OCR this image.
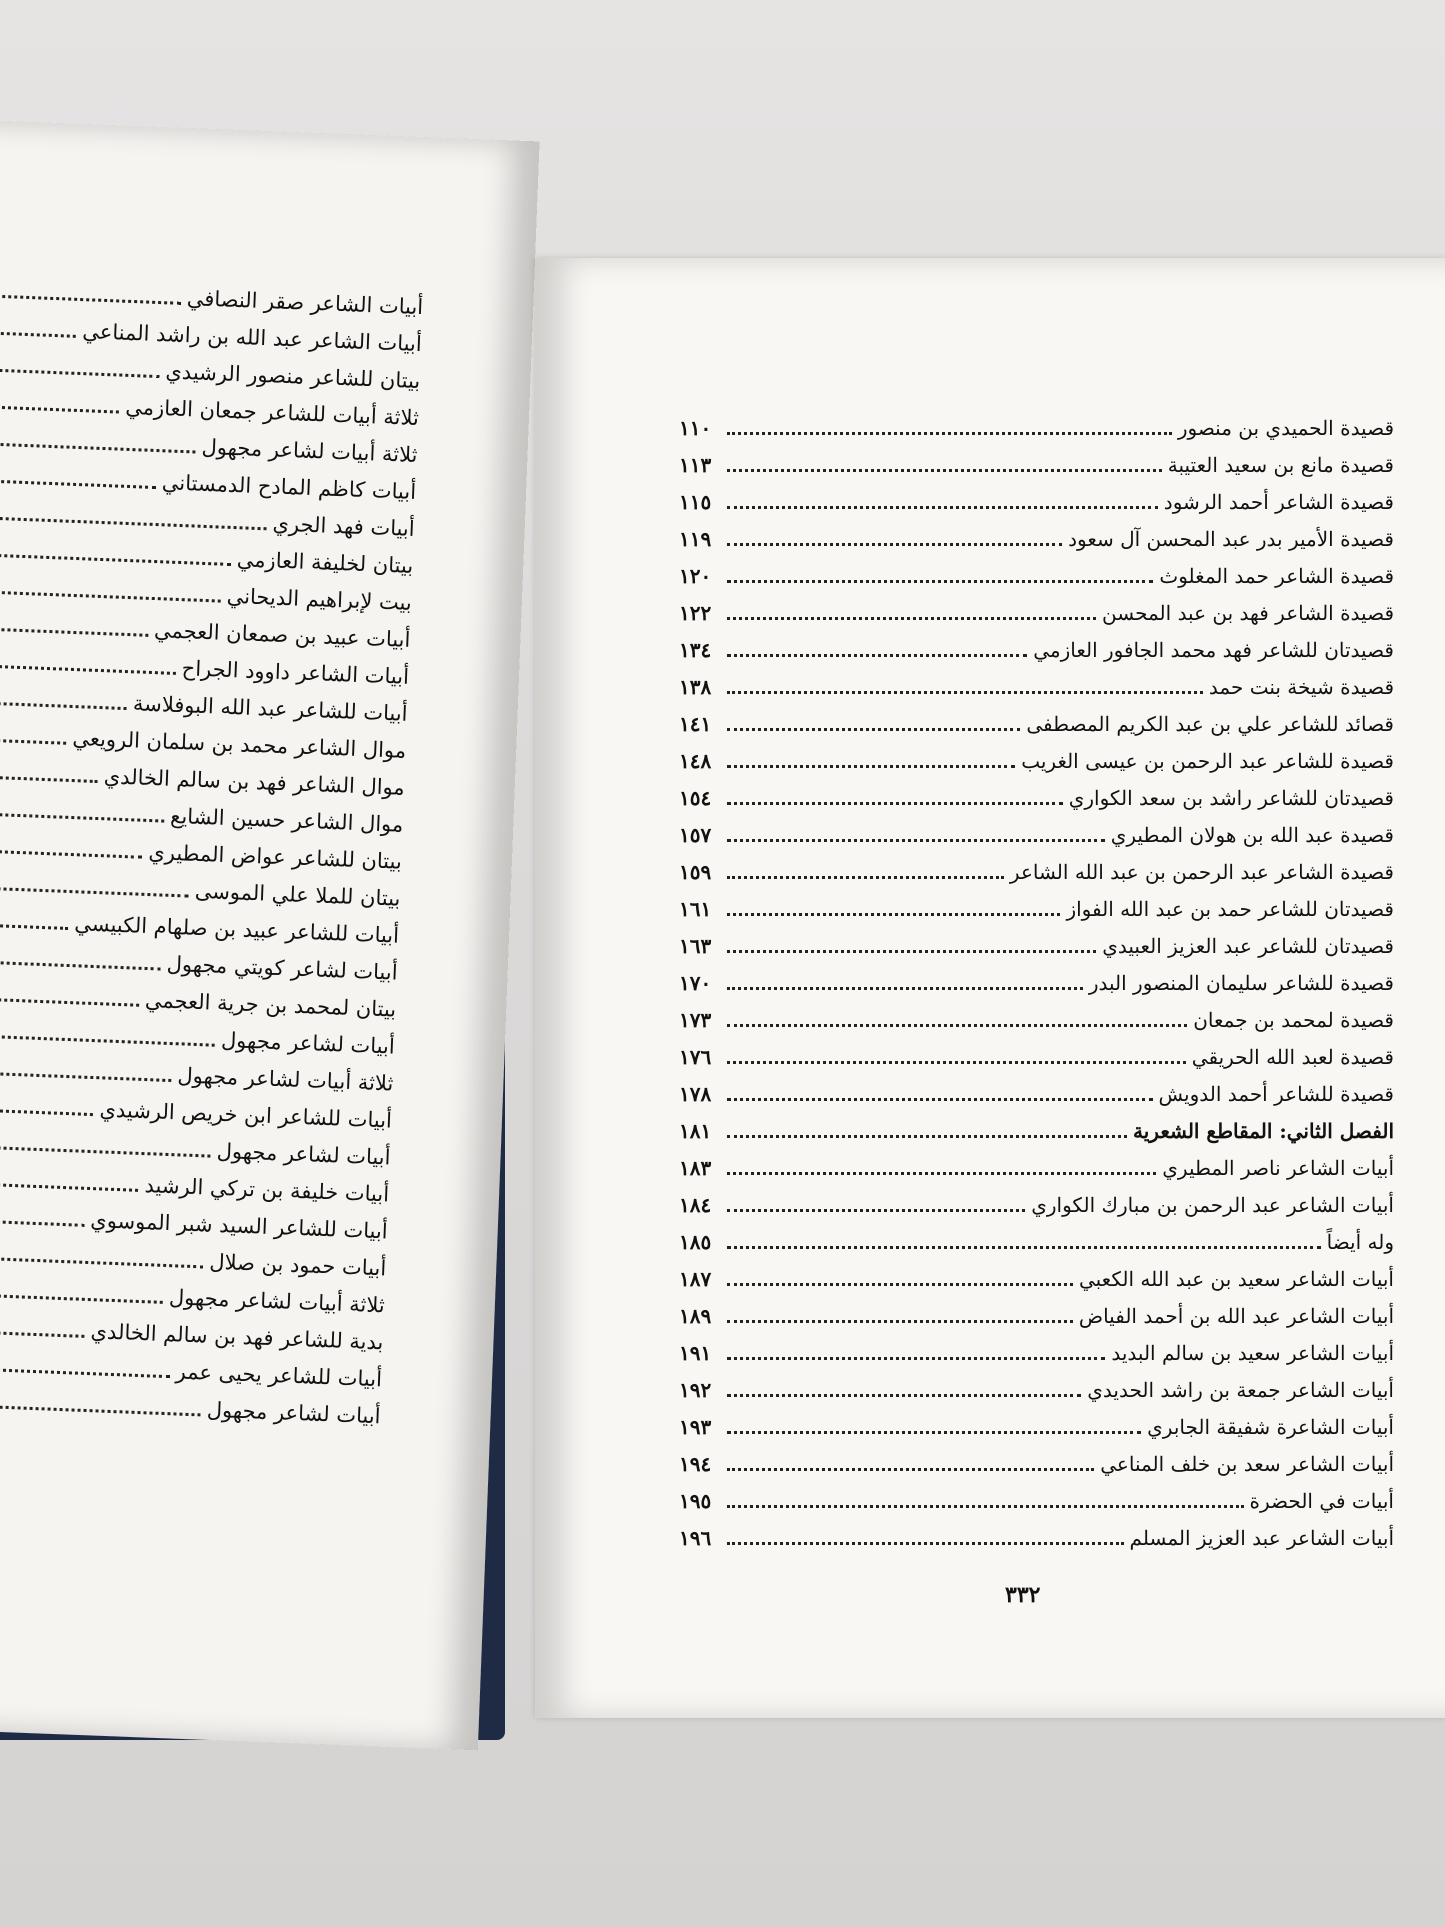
أبيات الشاعر صقر النصافي
أبيات الشاعر عبد الله بن راشد المناعي
بيتان للشاعر منصور الرشيدي
ثلاثة أبيات للشاعر جمعان العازمي
ثلاثة أبيات لشاعر مجهول
أبيات كاظم المادح الدمستاني
أبيات فهد الجري
بيتان لخليفة العازمي
بيت لإبراهيم الديحاني
أبيات عبيد بن صمعان العجمي
أبيات الشاعر داوود الجراح
أبيات للشاعر عبد الله البوفلاسة
موال الشاعر محمد بن سلمان الرويعي
موال الشاعر فهد بن سالم الخالدي
موال الشاعر حسين الشايع
بيتان للشاعر عواض المطيري
بيتان للملا علي الموسى
أبيات للشاعر عبيد بن صلهام الكبيسي
أبيات لشاعر كويتي مجهول
بيتان لمحمد بن جرية العجمي
أبيات لشاعر مجهول
ثلاثة أبيات لشاعر مجهول
أبيات للشاعر ابن خريص الرشيدي
أبيات لشاعر مجهول
أبيات خليفة بن تركي الرشيد
أبيات للشاعر السيد شبر الموسوي
أبيات حمود بن صلال
ثلاثة أبيات لشاعر مجهول
بدية للشاعر فهد بن سالم الخالدي
أبيات للشاعر يحيى عمر
أبيات لشاعر مجهول
قصيدة الحميدي بن منصور
١١٠
قصيدة مانع بن سعيد العتيبة
١١٣
قصيدة الشاعر أحمد الرشود
١١٥
قصيدة الأمير بدر عبد المحسن آل سعود
١١٩
قصيدة الشاعر حمد المغلوث
١٢٠
قصيدة الشاعر فهد بن عبد المحسن
١٢٢
قصيدتان للشاعر فهد محمد الجافور العازمي
١٣٤
قصيدة شيخة بنت حمد
١٣٨
قصائد للشاعر علي بن عبد الكريم المصطفى
١٤١
قصيدة للشاعر عبد الرحمن بن عيسى الغريب
١٤٨
قصيدتان للشاعر راشد بن سعد الكواري
١٥٤
قصيدة عبد الله بن هولان المطيري
١٥٧
قصيدة الشاعر عبد الرحمن بن عبد الله الشاعر
١٥٩
قصيدتان للشاعر حمد بن عبد الله الفواز
١٦١
قصيدتان للشاعر عبد العزيز العبيدي
١٦٣
قصيدة للشاعر سليمان المنصور البدر
١٧٠
قصيدة لمحمد بن جمعان
١٧٣
قصيدة لعبد الله الحريقي
١٧٦
قصيدة للشاعر أحمد الدويش
١٧٨
الفصل الثاني: المقاطع الشعرية
١٨١
أبيات الشاعر ناصر المطيري
١٨٣
أبيات الشاعر عبد الرحمن بن مبارك الكواري
١٨٤
وله أيضاً
١٨٥
أبيات الشاعر سعيد بن عبد الله الكعبي
١٨٧
أبيات الشاعر عبد الله بن أحمد الفياض
١٨٩
أبيات الشاعر سعيد بن سالم البديد
١٩١
أبيات الشاعر جمعة بن راشد الحديدي
١٩٢
أبيات الشاعرة شفيقة الجابري
١٩٣
أبيات الشاعر سعد بن خلف المناعي
١٩٤
أبيات في الحضرة
١٩٥
أبيات الشاعر عبد العزيز المسلم
١٩٦
٣٣٢
